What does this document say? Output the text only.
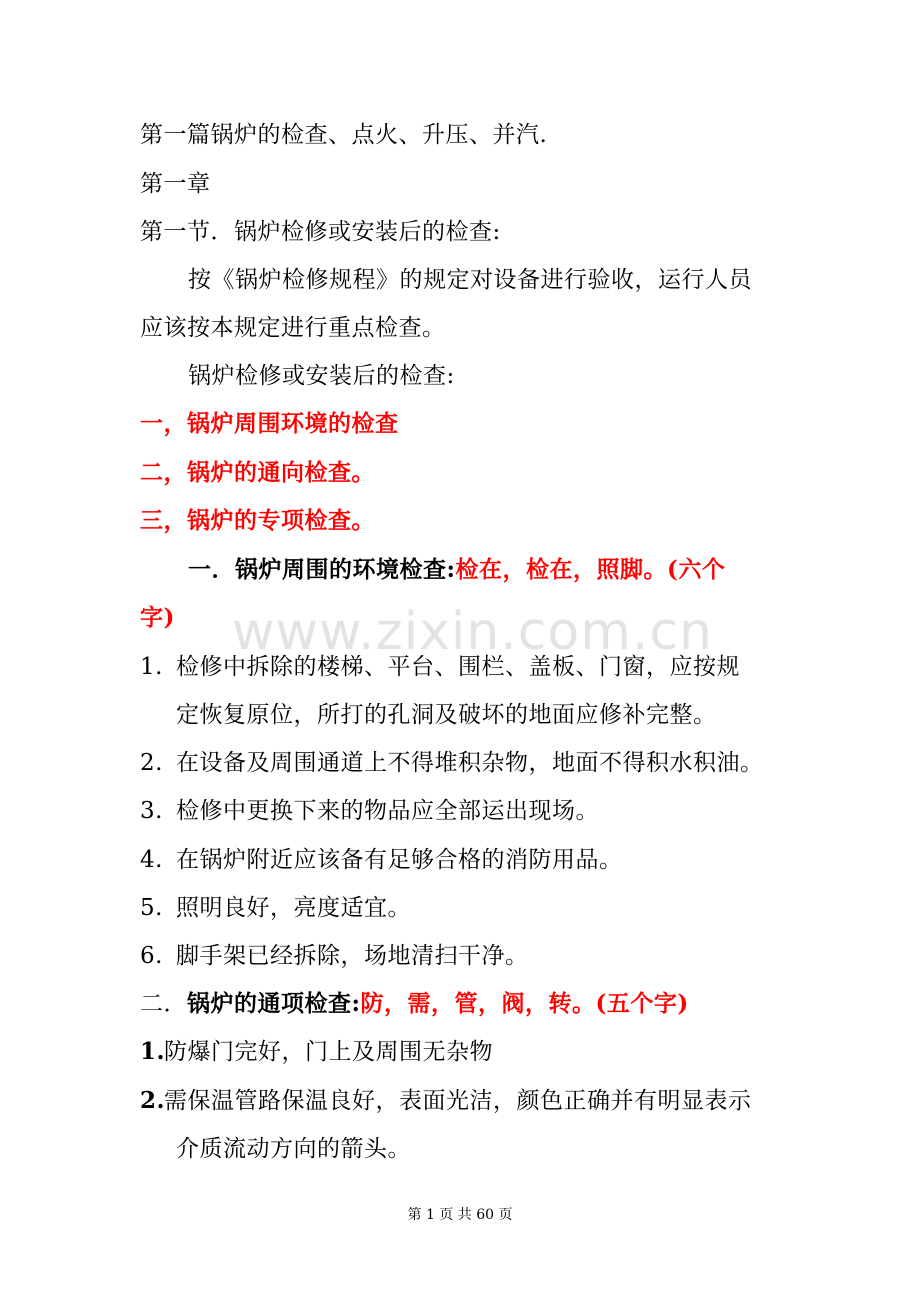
www.zixin.com.cn
第一篇锅炉的检查、点火、升压、并汽.
第一章
第一节．锅炉检修或安装后的检查:
按《锅炉检修规程》的规定对设备进行验收，运行人员
应该按本规定进行重点检查。
锅炉检修或安装后的检查:
一，锅炉周围环境的检查
二，锅炉的通向检查。
三，锅炉的专项检查。
一．锅炉周围的环境检查:检在，检在，照脚。(六个
字)
1. 检修中拆除的楼梯、平台、围栏、盖板、门窗，应按规
定恢复原位，所打的孔洞及破坏的地面应修补完整。
2. 在设备及周围通道上不得堆积杂物，地面不得积水积油。
3. 检修中更换下来的物品应全部运出现场。
4. 在锅炉附近应该备有足够合格的消防用品。
5. 照明良好，亮度适宜。
6. 脚手架已经拆除，场地清扫干净。
二．锅炉的通项检查:防，需，管，阀，转。(五个字)
1.防爆门完好，门上及周围无杂物
2.需保温管路保温良好，表面光洁，颜色正确并有明显表示
介质流动方向的箭头。
第 1 页 共 60 页
